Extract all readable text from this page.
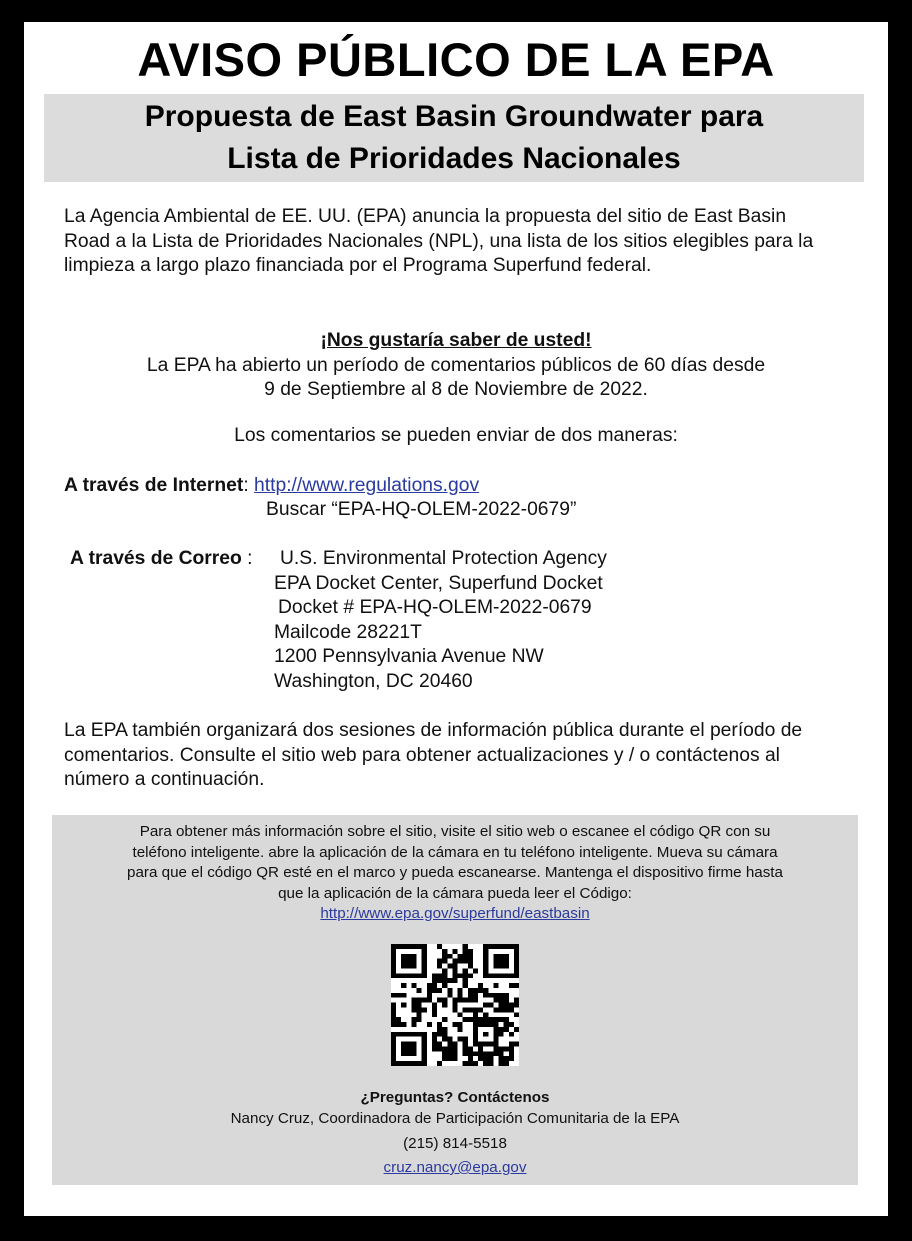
AVISO PÚBLICO DE LA EPA
Propuesta de East Basin Groundwater para
Lista de Prioridades Nacionales
La Agencia Ambiental de EE. UU. (EPA) anuncia la propuesta del sitio de East Basin Road a la Lista de Prioridades Nacionales (NPL), una lista de los sitios elegibles para la limpieza a largo plazo financiada por el Programa Superfund federal.
¡Nos gustaría saber de usted!
La EPA ha abierto un período de comentarios públicos de 60 días desde
9 de Septiembre al 8 de Noviembre de 2022.
Los comentarios se pueden enviar de dos maneras:
A través de Internet: http://www.regulations.gov
Buscar “EPA-HQ-OLEM-2022-0679”
A través de Correo : U.S. Environmental Protection Agency
EPA Docket Center, Superfund Docket
Docket # EPA-HQ-OLEM-2022-0679
Mailcode 28221T
1200 Pennsylvania Avenue NW
Washington, DC 20460
La EPA también organizará dos sesiones de información pública durante el período de comentarios. Consulte el sitio web para obtener actualizaciones y / o contáctenos al número a continuación.
Para obtener más información sobre el sitio, visite el sitio web o escanee el código QR con su
teléfono inteligente. abre la aplicación de la cámara en tu teléfono inteligente. Mueva su cámara
para que el código QR esté en el marco y pueda escanearse. Mantenga el dispositivo firme hasta
que la aplicación de la cámara pueda leer el Código:
http://www.epa.gov/superfund/eastbasin
¿Preguntas? Contáctenos
Nancy Cruz, Coordinadora de Participación Comunitaria de la EPA
(215) 814-5518
cruz.nancy@epa.gov
